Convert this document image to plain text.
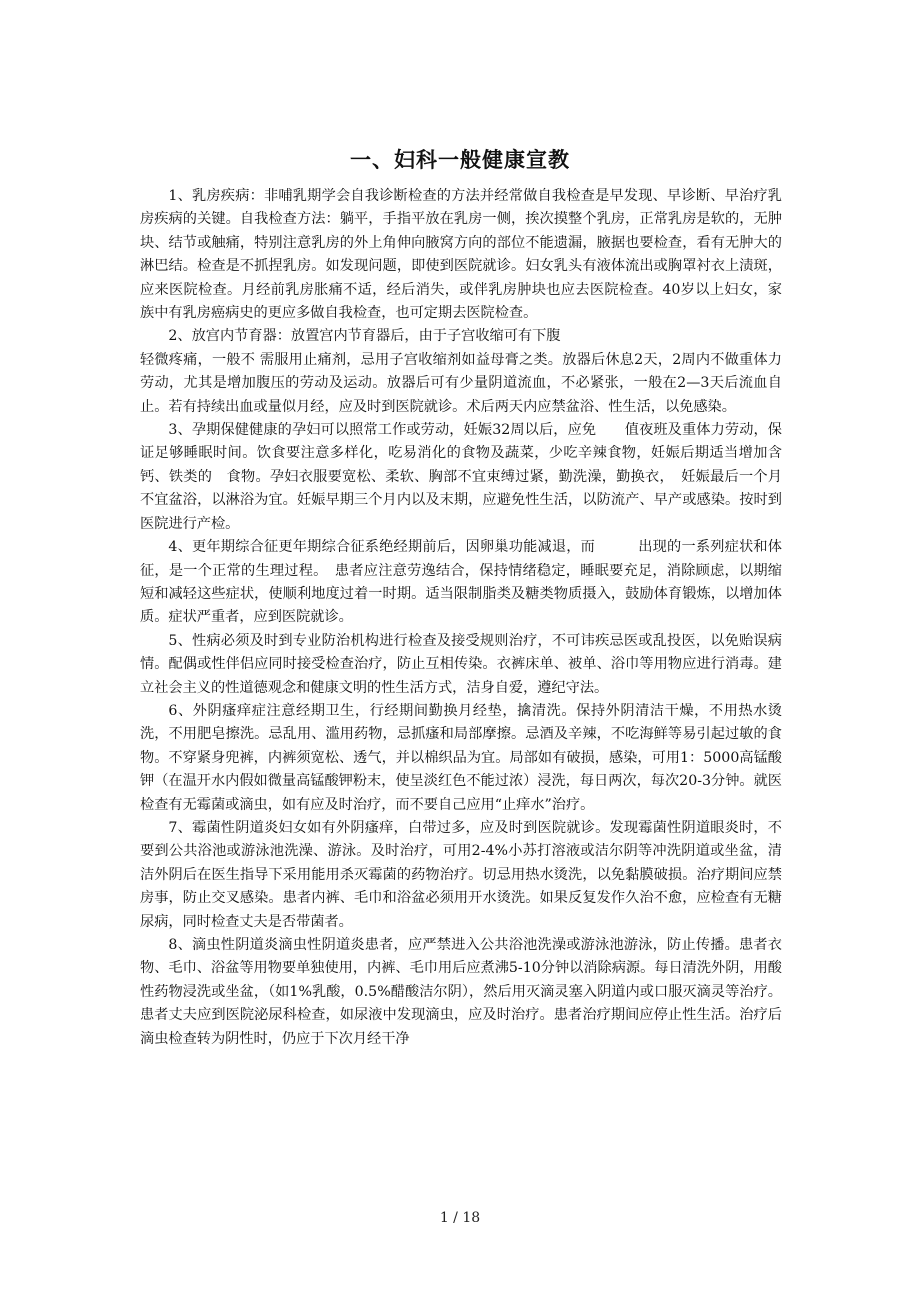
一、妇科一般健康宣教

1、乳房疾病：非哺乳期学会自我诊断检查的方法并经常做自我检查是早发现、早诊断、早治疗乳房疾病的关键。自我检查方法：躺平，手指平放在乳房一侧，挨次摸整个乳房，正常乳房是软的，无肿块、结节或触痛，特别注意乳房的外上角伸向腋窝方向的部位不能遗漏，腋据也要检查，看有无肿大的淋巴结。检查是不抓捏乳房。如发现问题，即使到医院就诊。妇女乳头有液体流出或胸罩衬衣上渍斑，应来医院检查。月经前乳房胀痛不适，经后消失，或伴乳房肿块也应去医院检查。40岁以上妇女，家族中有乳房癌病史的更应多做自我检查，也可定期去医院检查。

2、放宫内节育器：放置宫内节育器后，由于子宫收缩可有下腹

轻微疼痛，一般不 需服用止痛剂，忌用子宫收缩剂如益母膏之类。放器后休息2天，2周内不做重体力劳动，尤其是增加腹压的劳动及运动。放器后可有少量阴道流血，不必紧张，一般在2—3天后流血自止。若有持续出血或量似月经，应及时到医院就诊。术后两天内应禁盆浴、性生活，以免感染。

3、孕期保健健康的孕妇可以照常工作或劳动，妊娠32周以后，应免　　值夜班及重体力劳动，保证足够睡眠时间。饮食要注意多样化，吃易消化的食物及蔬菜，少吃辛辣食物，妊娠后期适当增加含钙、铁类的　食物。孕妇衣服要宽松、柔软、胸部不宜束缚过紧，勤洗澡，勤换衣，　妊娠最后一个月不宜盆浴，以淋浴为宜。妊娠早期三个月内以及末期，应避免性生活，以防流产、早产或感染。按时到医院进行产检。

4、更年期综合征更年期综合征系绝经期前后，因卵巢功能减退，而　　　出现的一系列症状和体征，是一个正常的生理过程。　患者应注意劳逸结合，保持情绪稳定，睡眠要充足，消除顾虑，以期缩短和减轻这些症状，使顺利地度过着一时期。适当限制脂类及糖类物质摄入，鼓励体育锻炼，以增加体质。症状严重者，应到医院就诊。

5、性病必须及时到专业防治机构进行检查及接受规则治疗，不可讳疾忌医或乱投医，以免贻误病情。配偶或性伴侣应同时接受检查治疗，防止互相传染。衣裤床单、被单、浴巾等用物应进行消毒。建立社会主义的性道德观念和健康文明的性生活方式，洁身自爱，遵纪守法。

6、外阴瘙痒症注意经期卫生，行经期间勤换月经垫，擒清洗。保持外阴清洁干燥，不用热水烫洗，不用肥皂擦洗。忌乱用、滥用药物，忌抓瘙和局部摩擦。忌酒及辛辣，不吃海鲜等易引起过敏的食物。不穿紧身兜裤，内裤须宽松、透气，并以棉织品为宜。局部如有破损，感染，可用1：5000高锰酸钾（在温开水内假如微量高锰酸钾粉末，使呈淡红色不能过浓）浸洗，每日两次，每次20-3分钟。就医检查有无霉菌或滴虫，如有应及时治疗，而不要自己应用“止痒水”治疗。

7、霉菌性阴道炎妇女如有外阴瘙痒，白带过多，应及时到医院就诊。发现霉菌性阴道眼炎时，不要到公共浴池或游泳池洗澡、游泳。及时治疗，可用2-4%小苏打溶液或洁尔阴等冲洗阴道或坐盆，清洁外阴后在医生指导下采用能用杀灭霉菌的药物治疗。切忌用热水烫洗，以免黏膜破损。治疗期间应禁房事，防止交叉感染。患者内裤、毛巾和浴盆必须用开水烫洗。如果反复发作久治不愈，应检查有无糖尿病，同时检查丈夫是否带菌者。

8、滴虫性阴道炎滴虫性阴道炎患者，应严禁进入公共浴池洗澡或游泳池游泳，防止传播。患者衣物、毛巾、浴盆等用物要单独使用，内裤、毛巾用后应煮沸5-10分钟以消除病源。每日清洗外阴，用酸性药物浸洗或坐盆，（如1%乳酸，0.5%醋酸洁尔阴），然后用灭滴灵塞入阴道内或口服灭滴灵等治疗。患者丈夫应到医院泌尿科检查，如尿液中发现滴虫，应及时治疗。患者治疗期间应停止性生活。治疗后滴虫检查转为阴性时，仍应于下次月经干净

1 / 18
